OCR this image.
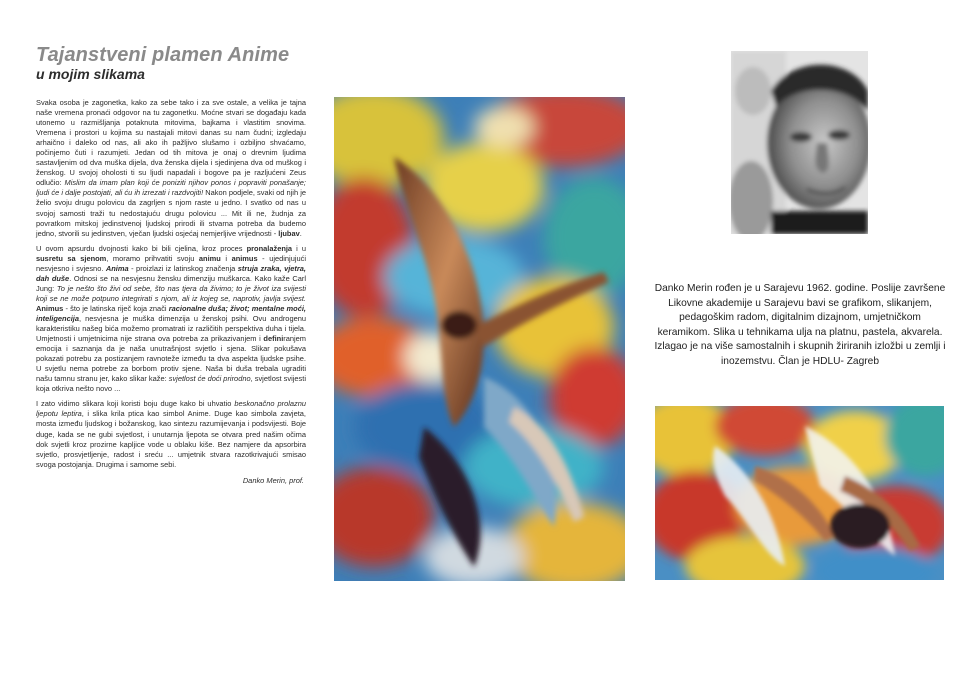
Tajanstveni plamen Anime
u mojim slikama

Svaka osoba je zagonetka, kako za sebe tako i za sve ostale, a velika je tajna naše vremena pronaći odgovor na tu zagonetku. Moćne stvari se događaju kada utonemo u razmišljanja potaknuta mitovima, bajkama i vlastitim snovima. Vremena i prostori u kojima su nastajali mitovi danas su nam čudni; izgledaju arhaično i daleko od nas, ali ako ih pažljivo slušamo i ozbiljno shvaćamo, počinjemo čuti i razumjeti. Jedan od tih mitova je onaj o drevnim ljudima sastavljenim od dva muška dijela, dva ženska dijela i sjedinjena dva od muškog i ženskog. U svojoj oholosti ti su ljudi napadali i bogove pa je razljućeni Zeus odlučio: Mislim da imam plan koji će poniziti njihov ponos i popraviti ponašanje; ljudi će i dalje postojati, ali ću ih izrezati i razdvojiti! Nakon podjele, svaki od njih je želio svoju drugu polovicu da zagrljen s njom raste u jedno. I svatko od nas u svojoj samosti traži tu nedostajuću drugu polovicu ... Mit ili ne, žudnja za povratkom mitskoj jedinstvenoj ljudskoj prirodi ili stvarna potreba da budemo jedno, stvorili su jedinstven, vječan ljudski osjećaj nemjerljive vrijednosti - ljubav.

U ovom apsurdu dvojnosti kako bi bili cjelina, kroz proces pronalaženja i u susretu sa sjenom, moramo prihvatiti svoju animu i animus - ujedinjujući nesvjesno i svjesno. Anima - proizlazi iz latinskog značenja struja zraka, vjetra, dah duše. Odnosi se na nesvjesnu žensku dimenziju muškarca. Kako kaže Carl Jung: To je nešto što živi od sebe, što nas tjera da živimo; to je život iza svijesti koji se ne može potpuno integrirati s njom, ali iz kojeg se, naprotiv, javlja svijest. Animus - što je latinska riječ koja znači racionalne duša; život; mentalne moći, inteligencija, nesvjesna je muška dimenzija u ženskoj psihi. Ovu androgenu karakteristiku našeg bića možemo promatrati iz različitih perspektiva duha i tijela. Umjetnosti i umjetnicima nije strana ova potreba za prikazivanjem i definiranjem emocija i saznanja da je naša unutrašnjost svjetlo i sjena. Slikar pokušava pokazati potrebu za postizanjem ravnoteže između ta dva aspekta ljudske psihe. U svjetlu nema potrebe za borbom protiv sjene. Naša bi duša trebala ugraditi našu tamnu stranu jer, kako slikar kaže: svjetlost će doći prirodno, svjetlost svijesti koja otkriva nešto novo ...

I zato vidimo slikara koji koristi boju duge kako bi uhvatio beskonačno prolaznu ljepotu leptira, i slika krila ptica kao simbol Anime. Duge kao simbola zavjeta, mosta između ljudskog i božanskog, kao sintezu razumijevanja i podsvijesti. Boje duge, kada se ne gubi svjetlost, i unutarnja ljepota se otvara pred našim očima dok svjetli kroz prozirne kapljice vode u oblaku kiše. Bez namjere da apsorbira svjetlo, prosvjetljenje, radost i sreću ... umjetnik stvara razotkrivajući smisao svoga postojanja. Drugima i samome sebi.

Danko Merin, prof.

Danko Merin rođen je u Sarajevu 1962. godine. Poslije završene Likovne akademije u Sarajevu bavi se grafikom, slikanjem, pedagoškim radom, digitalnim dizajnom, umjetničkom keramikom. Slika u tehnikama ulja na platnu, pastela, akvarela. Izlagao je na više samostalnih i skupnih žiriranih izložbi u zemlji i inozemstvu. Član je HDLU- Zagreb
